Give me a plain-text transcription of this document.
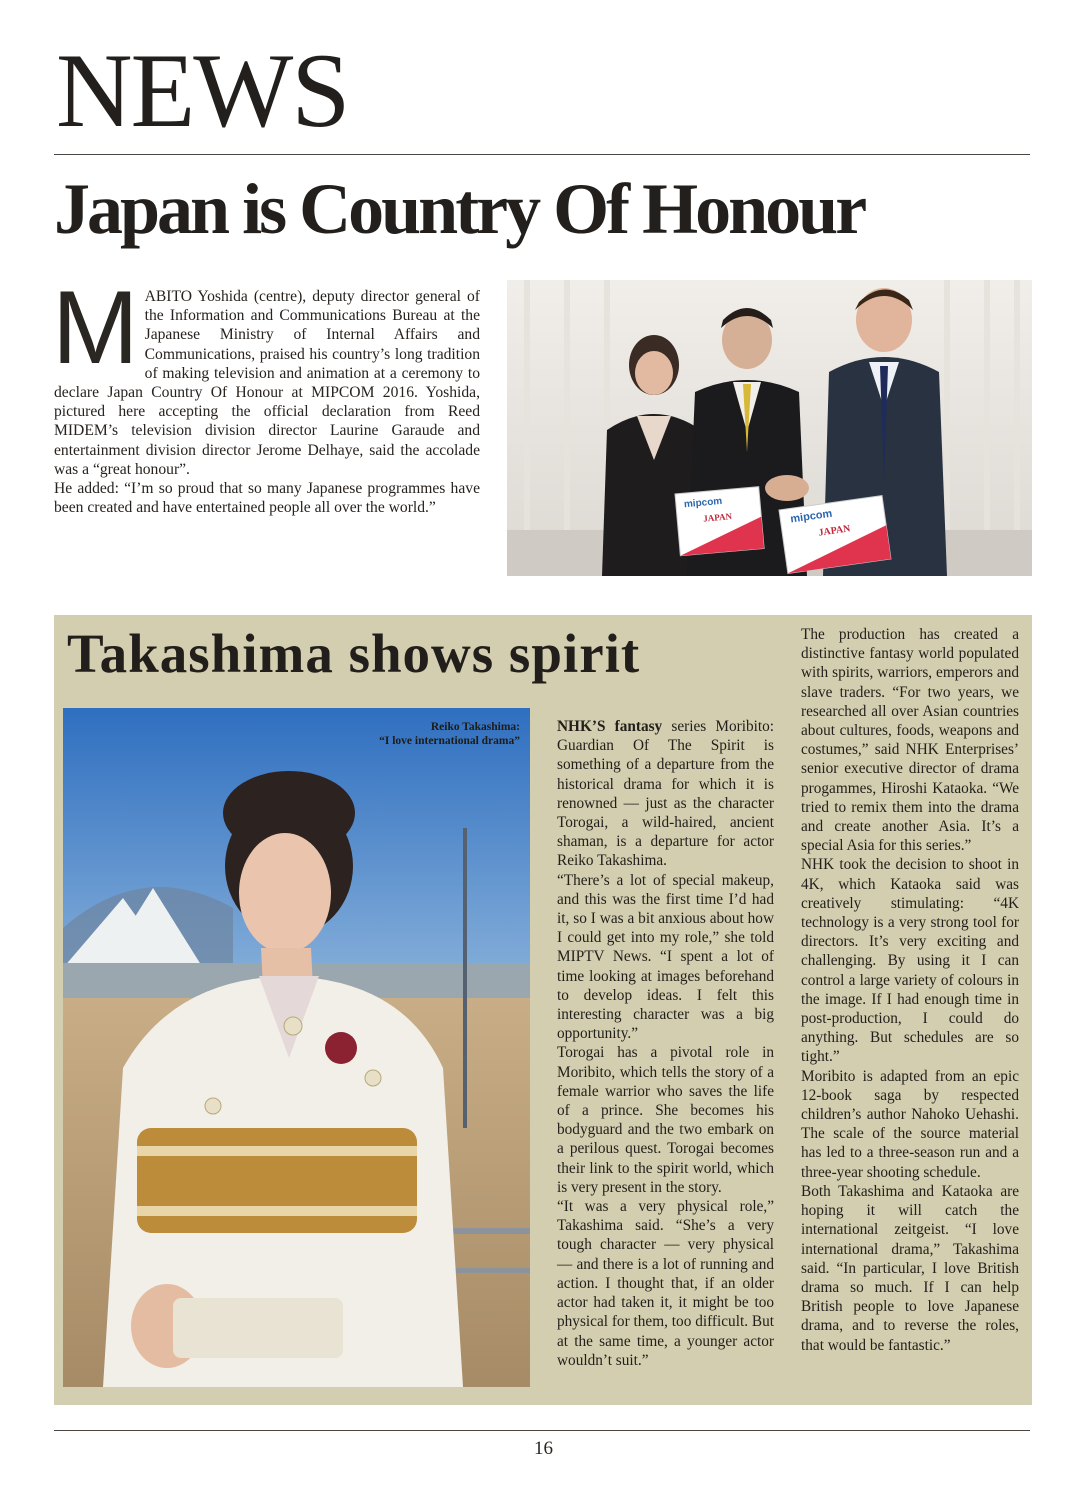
NEWS
Japan is Country Of Honour
M ABITO Yoshida (centre), deputy director general of the Information and Communications Bureau at the Japanese Ministry of Internal Affairs and Communications, praised his country’s long tradition of making television and animation at a ceremony to declare Japan Country Of Honour at MIPCOM 2016. Yoshida, pictured here accepting the official declaration from Reed MIDEM’s television division director Laurine Garaude and entertainment division director Jerome Delhaye, said the accolade was a “great honour”.

He added: “I’m so proud that so many Japanese programmes have been created and have entertained people all over the world.”	mipcom
JAPAN	mipcom
JAPAN
Takashima shows spirit
Reiko Takashima:
“I love international drama”

NHK’S fantasy series Moribito: Guardian Of The Spirit is something of a departure from the historical drama for which it is renowned — just as the character Torogai, a wild-haired, ancient shaman, is a departure for actor Reiko Takashima.

“There’s a lot of special makeup, and this was the first time I’d had it, so I was a bit anxious about how I could get into my role,” she told MIPTV News. “I spent a lot of time looking at images beforehand to develop ideas. I felt this interesting character was a big opportunity.”

Torogai has a pivotal role in Moribito, which tells the story of a female warrior who saves the life of a prince. She becomes his bodyguard and the two embark on a perilous quest. Torogai becomes their link to the spirit world, which is very present in the story.

“It was a very physical role,” Takashima said. “She’s a very tough character — very physical — and there is a lot of running and action. I thought that, if an older actor had taken it, it might be too physical for them, too difficult. But at the same time, a younger actor wouldn’t suit.”

The production has created a distinctive fantasy world populated with spirits, warriors, emperors and slave traders. “For two years, we researched all over Asian countries about cultures, foods, weapons and costumes,” said NHK Enterprises’ senior executive director of drama progammes, Hiroshi Kataoka. “We tried to remix them into the drama and create another Asia. It’s a special Asia for this series.”

NHK took the decision to shoot in 4K, which Kataoka said was creatively stimulating: “4K technology is a very strong tool for directors. It’s very exciting and challenging. By using it I can control a large variety of colours in the image. If I had enough time in post-production, I could do anything. But schedules are so tight.”

Moribito is adapted from an epic 12-book saga by respected children’s author Nahoko Uehashi. The scale of the source material has led to a three-season run and a three-year shooting schedule.

Both Takashima and Kataoka are hoping it will catch the international zeitgeist. “I love international drama,” Takashima said. “In particular, I love British drama so much. If I can help British people to love Japanese drama, and to reverse the roles, that would be fantastic.”

16
